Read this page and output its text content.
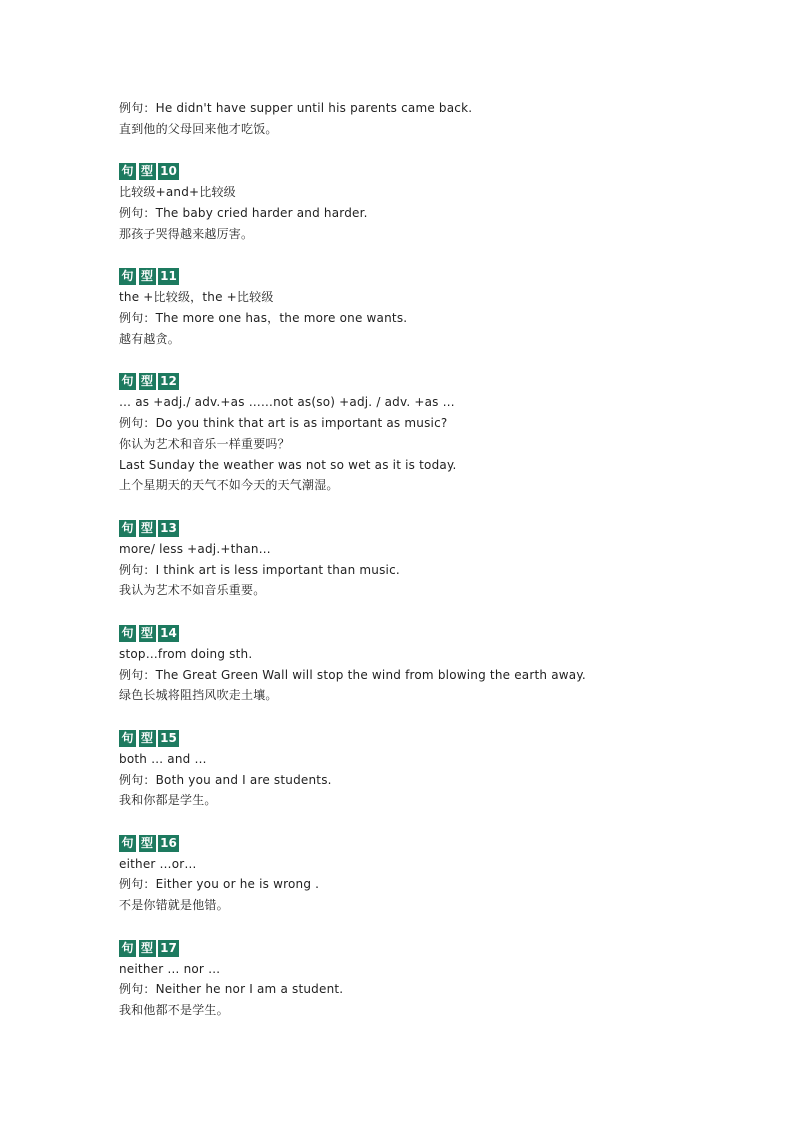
例句：He didn't have supper until his parents came back.
直到他的父母回来他才吃饭。
句 型 10
比较级+and+比较级
例句：The baby cried harder and harder.
那孩子哭得越来越厉害。
句 型 11
the +比较级，the +比较级
例句：The more one has，the more one wants.
越有越贪。
句 型 12
… as +adj./ adv.+as ……not as(so) +adj. / adv. +as …
例句：Do you think that art is as important as music?
你认为艺术和音乐一样重要吗？
Last Sunday the weather was not so wet as it is today.
上个星期天的天气不如今天的天气潮湿。
句 型 13
more/ less +adj.+than…
例句：I think art is less important than music.
我认为艺术不如音乐重要。
句 型 14
stop…from doing sth.
例句：The Great Green Wall will stop the wind from blowing the earth away.
绿色长城将阻挡风吹走土壤。
句 型 15
both … and …
例句：Both you and I are students.
我和你都是学生。
句 型 16
either …or…
例句：Either you or he is wrong .
不是你错就是他错。
句 型 17
neither … nor …
例句：Neither he nor I am a student.
我和他都不是学生。
